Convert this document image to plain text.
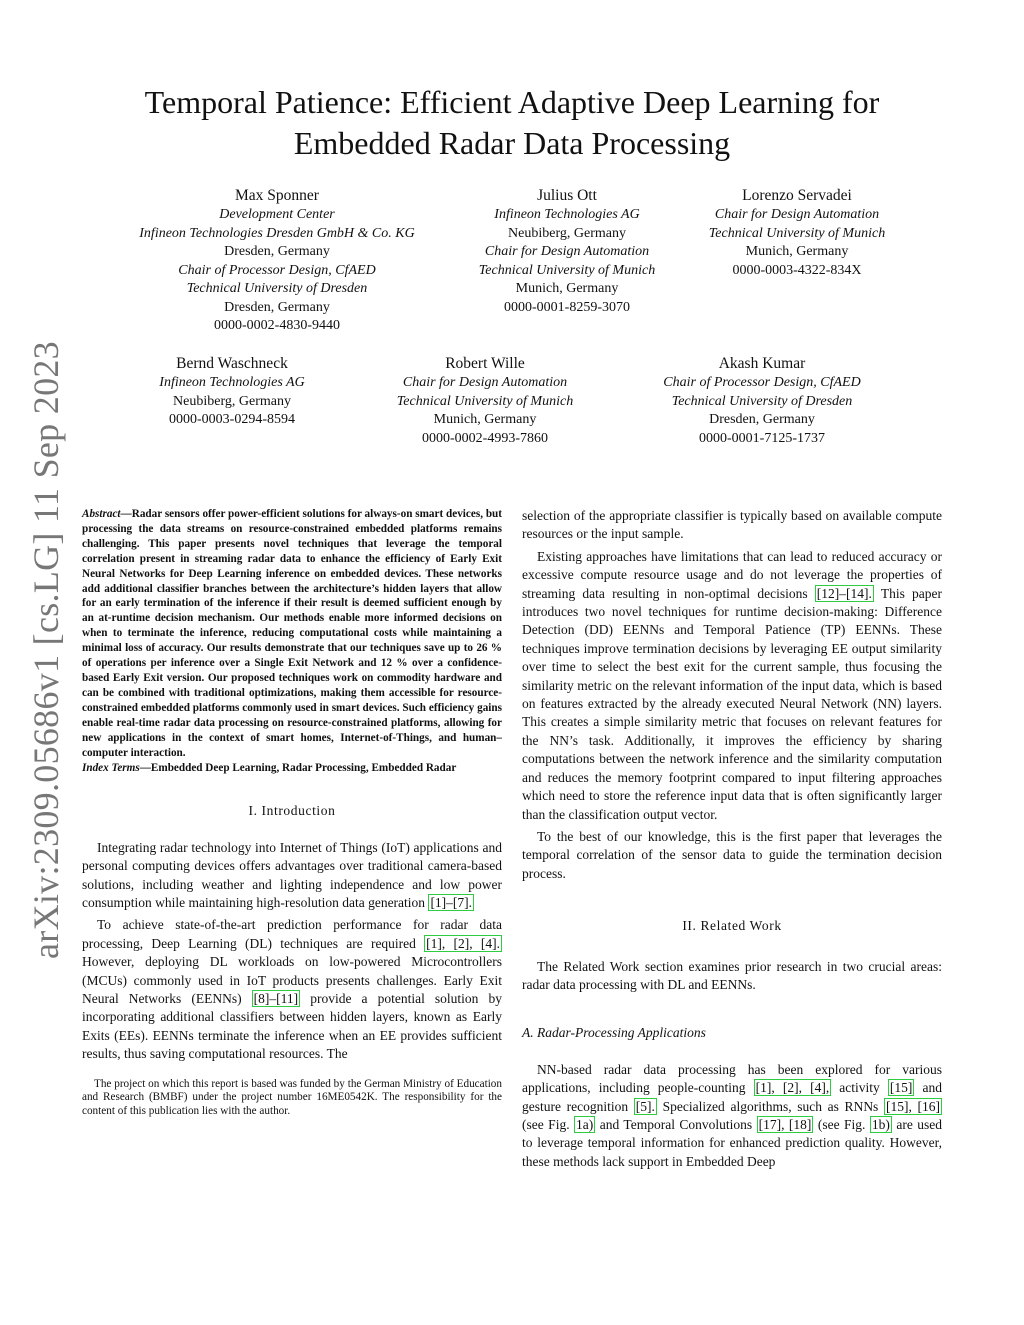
arXiv:2309.05686v1 [cs.LG] 11 Sep 2023
Temporal Patience: Efficient Adaptive Deep Learning for Embedded Radar Data Processing
Max Sponner
Development Center
Infineon Technologies Dresden GmbH & Co. KG
Dresden, Germany
Chair of Processor Design, CfAED
Technical University of Dresden
Dresden, Germany
0000-0002-4830-9440
Julius Ott
Infineon Technologies AG
Neubiberg, Germany
Chair for Design Automation
Technical University of Munich
Munich, Germany
0000-0001-8259-3070
Lorenzo Servadei
Chair for Design Automation
Technical University of Munich
Munich, Germany
0000-0003-4322-834X
Bernd Waschneck
Infineon Technologies AG
Neubiberg, Germany
0000-0003-0294-8594
Robert Wille
Chair for Design Automation
Technical University of Munich
Munich, Germany
0000-0002-4993-7860
Akash Kumar
Chair of Processor Design, CfAED
Technical University of Dresden
Dresden, Germany
0000-0001-7125-1737
Abstract—Radar sensors offer power-efficient solutions for always-on smart devices, but processing the data streams on resource-constrained embedded platforms remains challenging. This paper presents novel techniques that leverage the temporal correlation present in streaming radar data to enhance the efficiency of Early Exit Neural Networks for Deep Learning inference on embedded devices. These networks add additional classifier branches between the architecture’s hidden layers that allow for an early termination of the inference if their result is deemed sufficient enough by an at-runtime decision mechanism. Our methods enable more informed decisions on when to terminate the inference, reducing computational costs while maintaining a minimal loss of accuracy. Our results demonstrate that our techniques save up to 26 % of operations per inference over a Single Exit Network and 12 % over a confidence-based Early Exit version. Our proposed techniques work on commodity hardware and can be combined with traditional optimizations, making them accessible for resource-constrained embedded platforms commonly used in smart devices. Such efficiency gains enable real-time radar data processing on resource-constrained platforms, allowing for new applications in the context of smart homes, Internet-of-Things, and human–computer interaction.
Index Terms—Embedded Deep Learning, Radar Processing, Embedded Radar
I. Introduction

Integrating radar technology into Internet of Things (IoT) applications and personal computing devices offers advantages over traditional camera-based solutions, including weather and lighting independence and low power consumption while maintaining high-resolution data generation [1]–[7].

To achieve state-of-the-art prediction performance for radar data processing, Deep Learning (DL) techniques are required [1], [2], [4]. However, deploying DL workloads on low-powered Microcontrollers (MCUs) commonly used in IoT products presents challenges. Early Exit Neural Networks (EENNs) [8]–[11] provide a potential solution by incorporating additional classifiers between hidden layers, known as Early Exits (EEs). EENNs terminate the inference when an EE provides sufficient results, thus saving computational resources. The

The project on which this report is based was funded by the German Ministry of Education and Research (BMBF) under the project number 16ME0542K. The responsibility for the content of this publication lies with the author.

selection of the appropriate classifier is typically based on available compute resources or the input sample.

Existing approaches have limitations that can lead to reduced accuracy or excessive compute resource usage and do not leverage the properties of streaming data resulting in non-optimal decisions [12]–[14]. This paper introduces two novel techniques for runtime decision-making: Difference Detection (DD) EENNs and Temporal Patience (TP) EENNs. These techniques improve termination decisions by leveraging EE output similarity over time to select the best exit for the current sample, thus focusing the similarity metric on the relevant information of the input data, which is based on features extracted by the already executed Neural Network (NN) layers. This creates a simple similarity metric that focuses on relevant features for the NN’s task. Additionally, it improves the efficiency by sharing computations between the network inference and the similarity computation and reduces the memory footprint compared to input filtering approaches which need to store the reference input data that is often significantly larger than the classification output vector.

To the best of our knowledge, this is the first paper that leverages the temporal correlation of the sensor data to guide the termination decision process.

II. Related Work

The Related Work section examines prior research in two crucial areas: radar data processing with DL and EENNs.

A. Radar-Processing Applications

NN-based radar data processing has been explored for various applications, including people-counting [1], [2], [4], activity [15] and gesture recognition [5]. Specialized algorithms, such as RNNs [15], [16] (see Fig. 1a) and Temporal Convolutions [17], [18] (see Fig. 1b) are used to leverage temporal information for enhanced prediction quality. However, these methods lack support in Embedded Deep
